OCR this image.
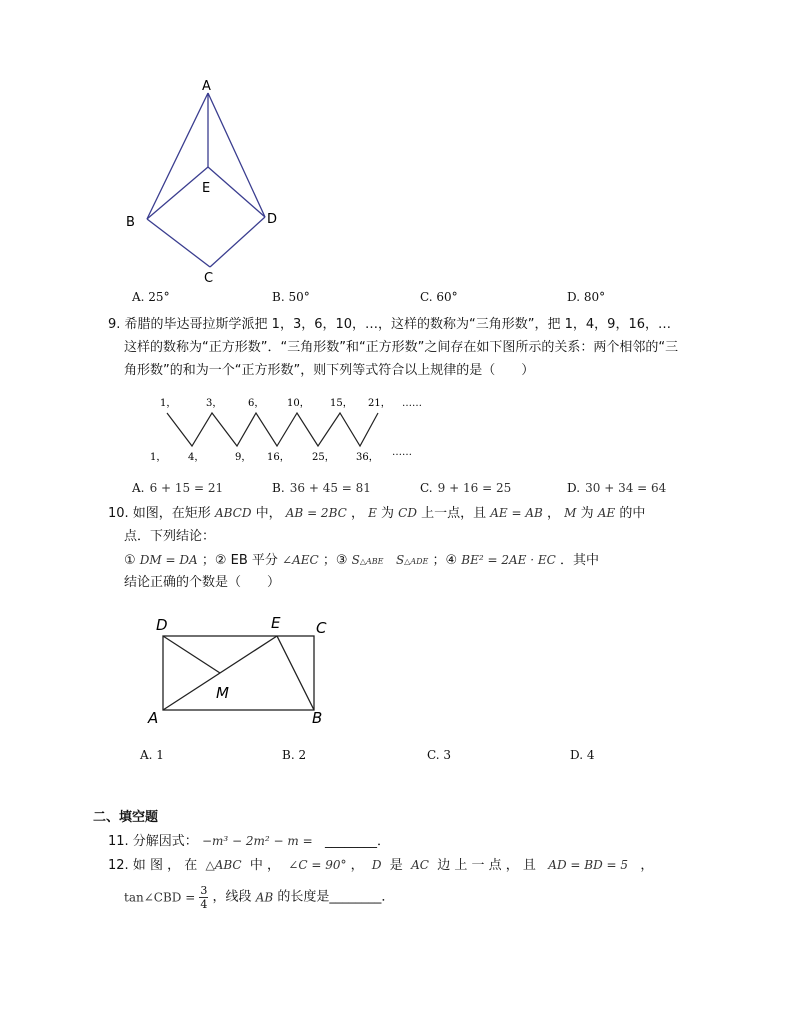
A
E
B	D
C
A. 25°	B. 50°	C. 60°	D. 80°
9. 希腊的毕达哥拉斯学派把 1，3，6，10，…，这样的数称为“三角形数”，把 1，4，9，16，…
这样的数称为“正方形数”．“三角形数”和“正方形数”之间存在如下图所示的关系：两个相邻的“三
角形数”的和为一个“正方形数”，则下列等式符合以上规律的是（　　）
1，	3，	6， 10， 15， 21， ……
1， 4，	9， 16， 25， 36， ……
A. 6 + 15 = 21	B. 36 + 45 = 81	C. 9 + 16 = 25	D. 30 + 34 = 64
10. 如图，在矩形 ABCD 中， AB = 2BC ， E 为 CD 上一点，且 AE = AB ， M 为 AE 的中
点．下列结论：
① DM = DA ；② EB 平分 ∠AEC ；③ S△ABE S△ADE ；④ BE² = 2AE · EC ．其中
结论正确的个数是（　　）
D	E C
M
A	B
A. 1	B. 2	C. 3	D. 4
二、填空题
11. 分解因式： −m³ − 2m² − m = ________．
12. 如 图 ， 在 △ABC 中 ， ∠C = 90° ， D 是 AC 边 上 一 点 ， 且 AD = BD = 5 ，
tan∠CBD = $\frac{3}{4}$ ，线段 AB 的长度是________．
